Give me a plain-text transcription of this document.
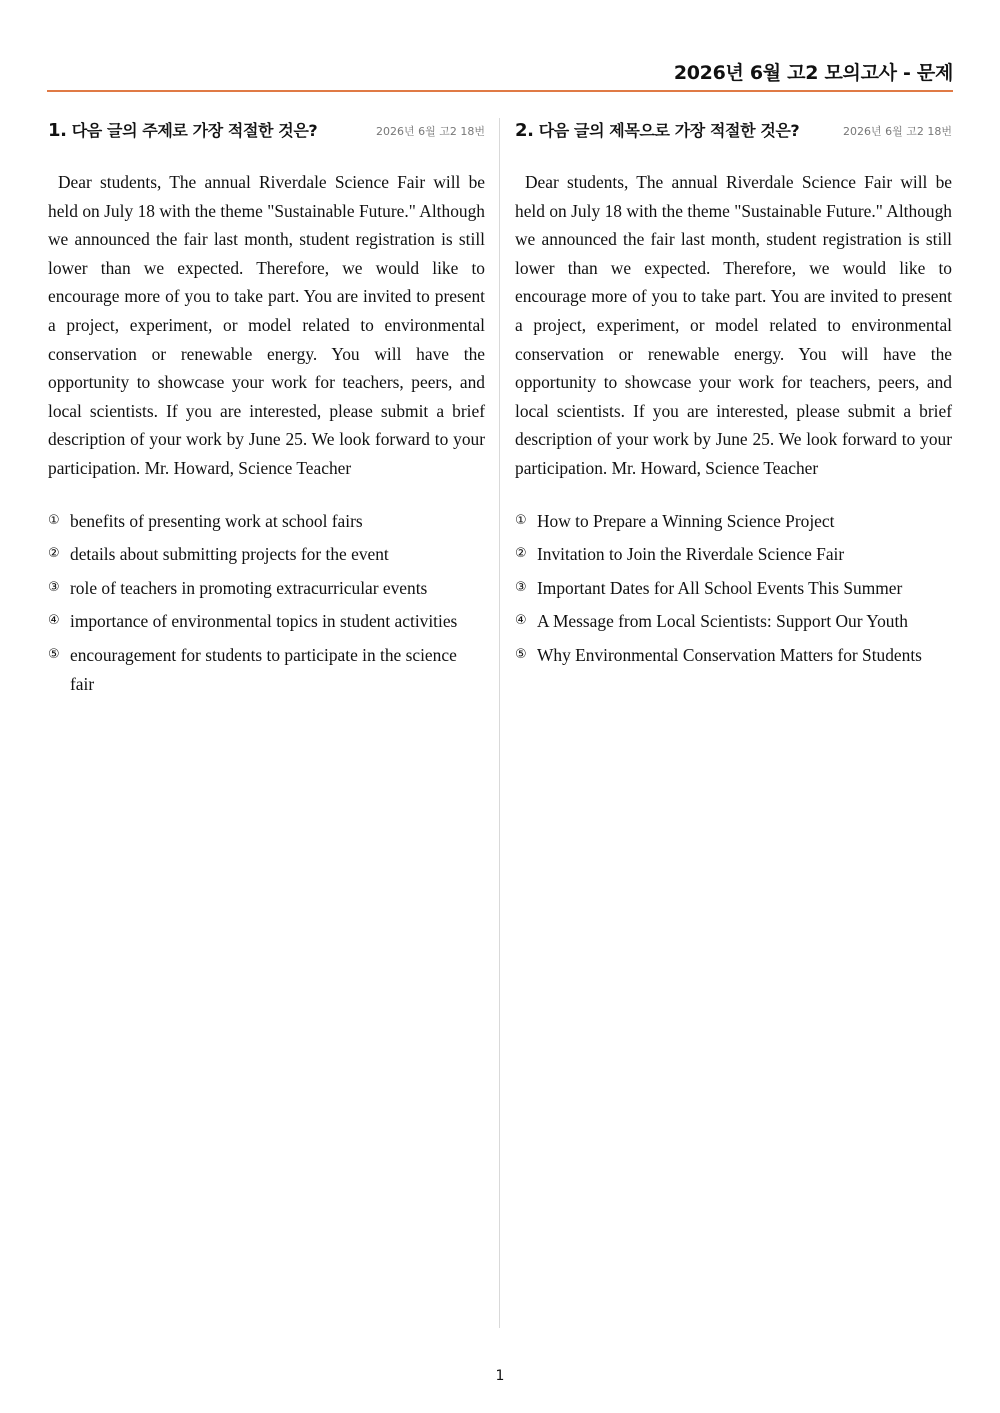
2026년 6월 고2 모의고사 - 문제
1. 다음 글의 주제로 가장 적절한 것은?	2026년 6월 고2 18번
Dear students, The annual Riverdale Science Fair will be held on July 18 with the theme "Sustainable Future." Although we announced the fair last month, student registration is still lower than we expected. Therefore, we would like to encourage more of you to take part. You are invited to present a project, experiment, or model related to environmental conservation or renewable energy. You will have the opportunity to showcase your work for teachers, peers, and local scientists. If you are interested, please submit a brief description of your work by June 25. We look forward to your participation. Mr. Howard, Science Teacher
① benefits of presenting work at school fairs
② details about submitting projects for the event
③ role of teachers in promoting extracurricular events
④ importance of environmental topics in student activities
⑤ encouragement for students to participate in the science fair
2. 다음 글의 제목으로 가장 적절한 것은?	2026년 6월 고2 18번
Dear students, The annual Riverdale Science Fair will be held on July 18 with the theme "Sustainable Future." Although we announced the fair last month, student registration is still lower than we expected. Therefore, we would like to encourage more of you to take part. You are invited to present a project, experiment, or model related to environmental conservation or renewable energy. You will have the opportunity to showcase your work for teachers, peers, and local scientists. If you are interested, please submit a brief description of your work by June 25. We look forward to your participation. Mr. Howard, Science Teacher
① How to Prepare a Winning Science Project
② Invitation to Join the Riverdale Science Fair
③ Important Dates for All School Events This Summer
④ A Message from Local Scientists: Support Our Youth
⑤ Why Environmental Conservation Matters for Students
1
